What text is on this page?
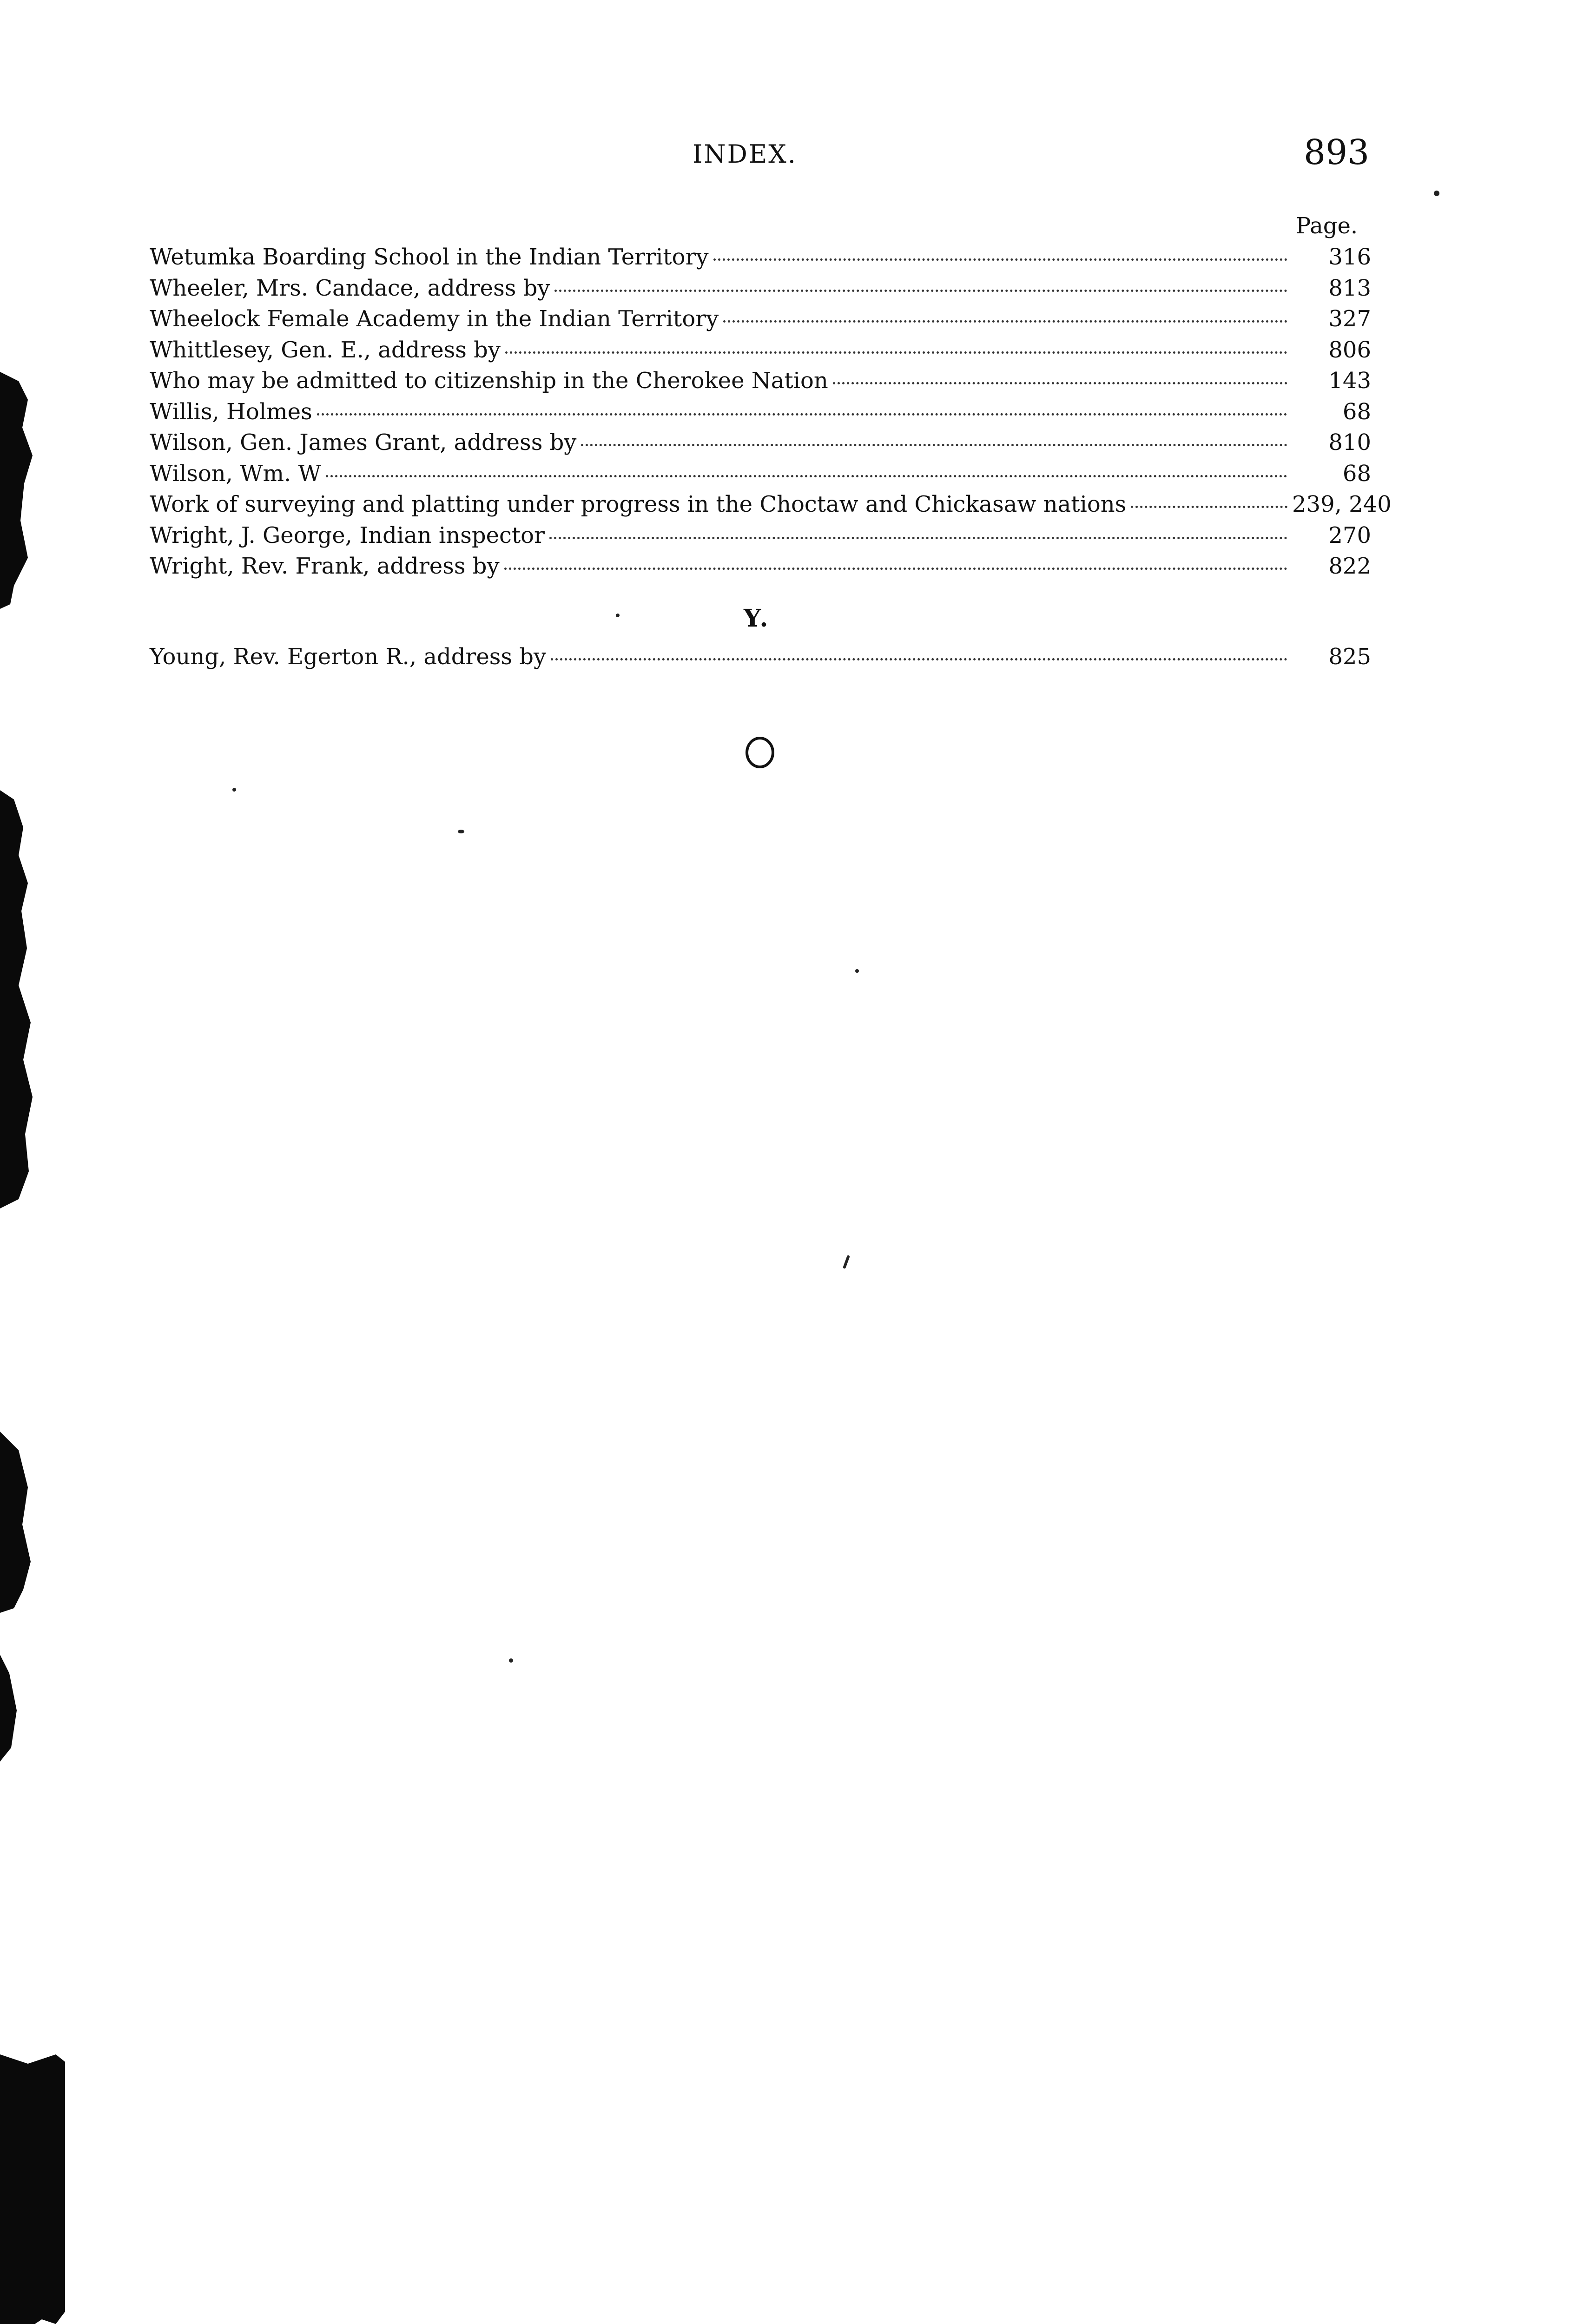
INDEX.	893
Page.
Wetumka Boarding School in the Indian Territory	316
Wheeler, Mrs. Candace, address by	813
Wheelock Female Academy in the Indian Territory	327
Whittlesey, Gen. E., address by	806
Who may be admitted to citizenship in the Cherokee Nation	143
Willis, Holmes	68
Wilson, Gen. James Grant, address by	810
Wilson, Wm. W	68
Work of surveying and platting under progress in the Choctaw and Chickasaw nations	239, 240
Wright, J. George, Indian inspector	270
Wright, Rev. Frank, address by	822
Y.
Young, Rev. Egerton R., address by	825
